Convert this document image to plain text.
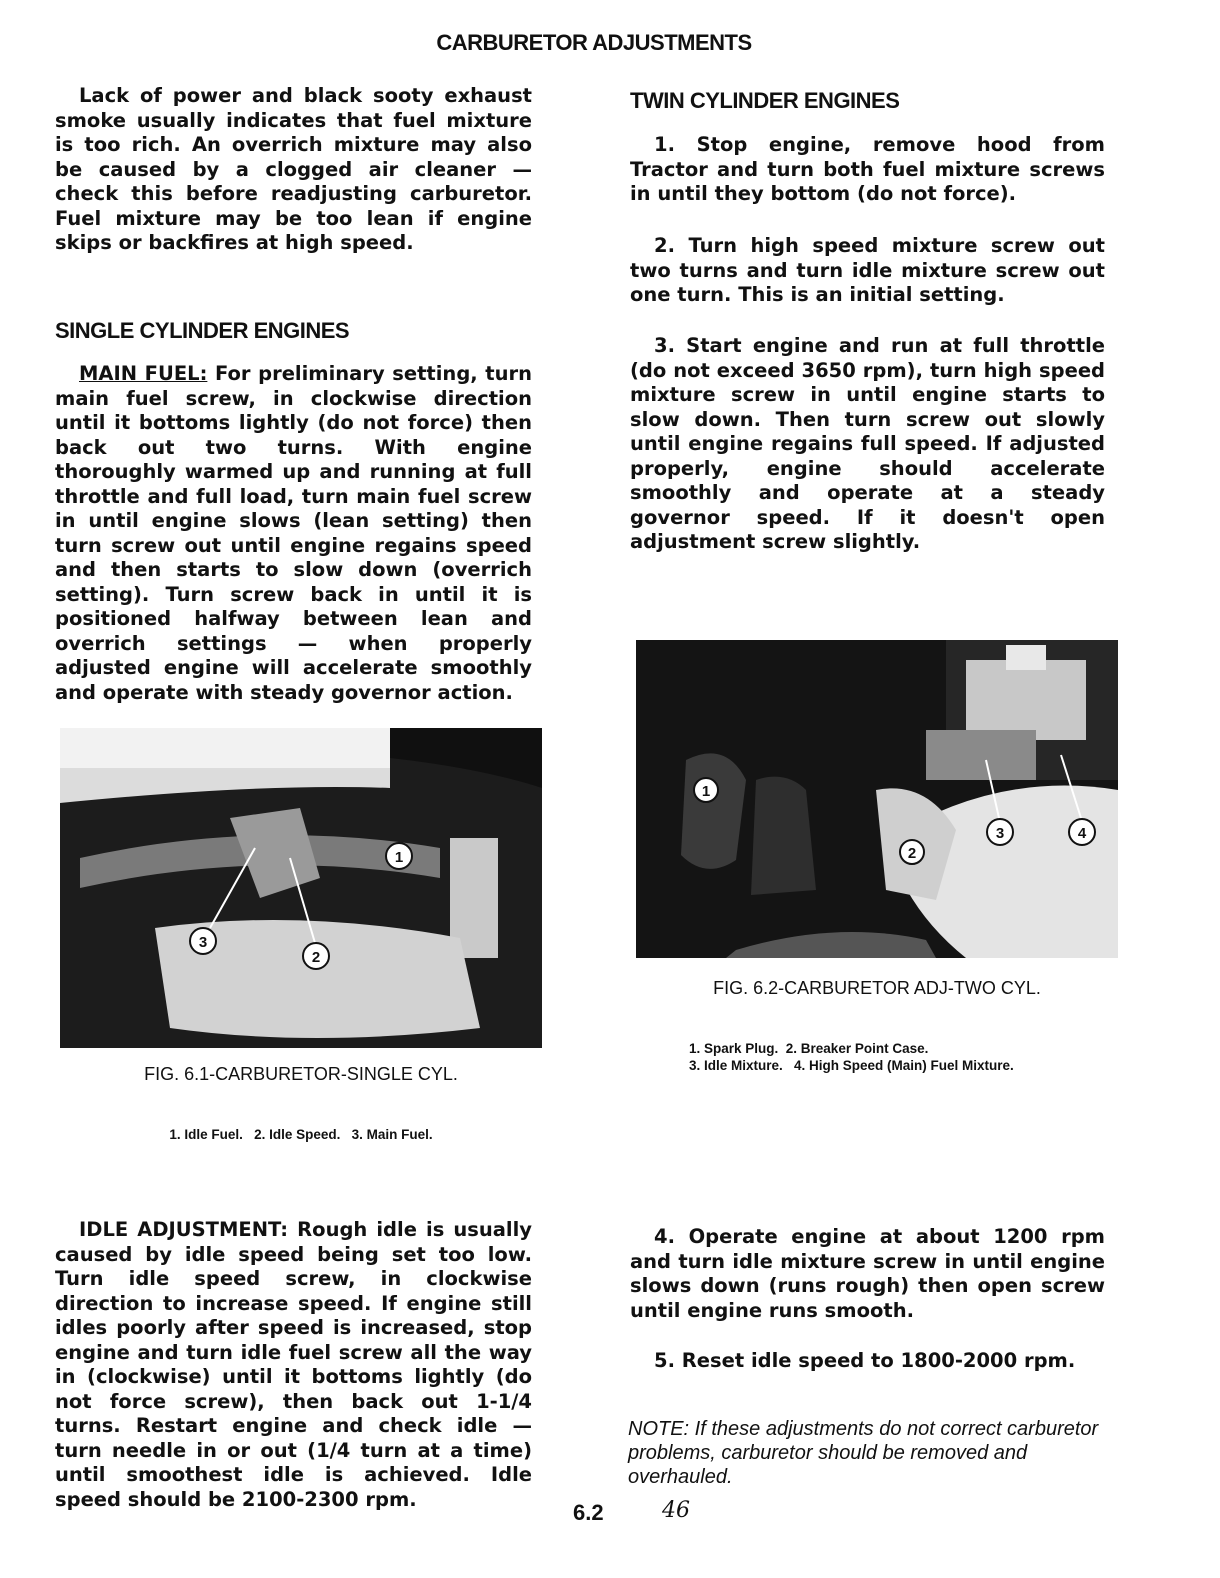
CARBURETOR ADJUSTMENTS

Lack of power and black sooty exhaust smoke usually indicates that fuel mixture is too rich. An overrich mixture may also be caused by a clogged air cleaner — check this before readjusting carburetor. Fuel mixture may be too lean if engine skips or backfires at high speed.

SINGLE CYLINDER ENGINES

MAIN FUEL: For preliminary setting, turn main fuel screw, in clockwise direction until it bottoms lightly (do not force) then back out two turns. With engine thoroughly warmed up and running at full throttle and full load, turn main fuel screw in until engine slows (lean setting) then turn screw out until engine regains speed and then starts to slow down (overrich setting). Turn screw back in until it is positioned halfway between lean and overrich settings — when properly adjusted engine will accelerate smoothly and operate with steady governor action.

1
2
3
FIG. 6.1-CARBURETOR-SINGLE CYL.
1. Idle Fuel.   2. Idle Speed.   3. Main Fuel.

IDLE ADJUSTMENT: Rough idle is usually caused by idle speed being set too low. Turn idle speed screw, in clockwise direction to increase speed. If engine still idles poorly after speed is increased, stop engine and turn idle fuel screw all the way in (clockwise) until it bottoms lightly (do not force screw), then back out 1-1/4 turns. Restart engine and check idle — turn needle in or out (1/4 turn at a time) until smoothest idle is achieved. Idle speed should be 2100-2300 rpm.

TWIN CYLINDER ENGINES

1. Stop engine, remove hood from Tractor and turn both fuel mixture screws in until they bottom (do not force).

2. Turn high speed mixture screw out two turns and turn idle mixture screw out one turn. This is an initial setting.

3. Start engine and run at full throttle (do not exceed 3650 rpm), turn high speed mixture screw in until engine starts to slow down. Then turn screw out slowly until engine regains full speed. If adjusted properly, engine should accelerate smoothly and operate at a steady governor speed. If it doesn't open adjustment screw slightly.

1
2
3	4
FIG. 6.2-CARBURETOR ADJ-TWO CYL.
1. Spark Plug.  2. Breaker Point Case.
3. Idle Mixture.   4. High Speed (Main) Fuel Mixture.

4. Operate engine at about 1200 rpm and turn idle mixture screw in until engine slows down (runs rough) then open screw until engine runs smooth.

5. Reset idle speed to 1800-2000 rpm.

NOTE: If these adjustments do not correct carburetor problems, carburetor should be removed and overhauled.

6.2	46
